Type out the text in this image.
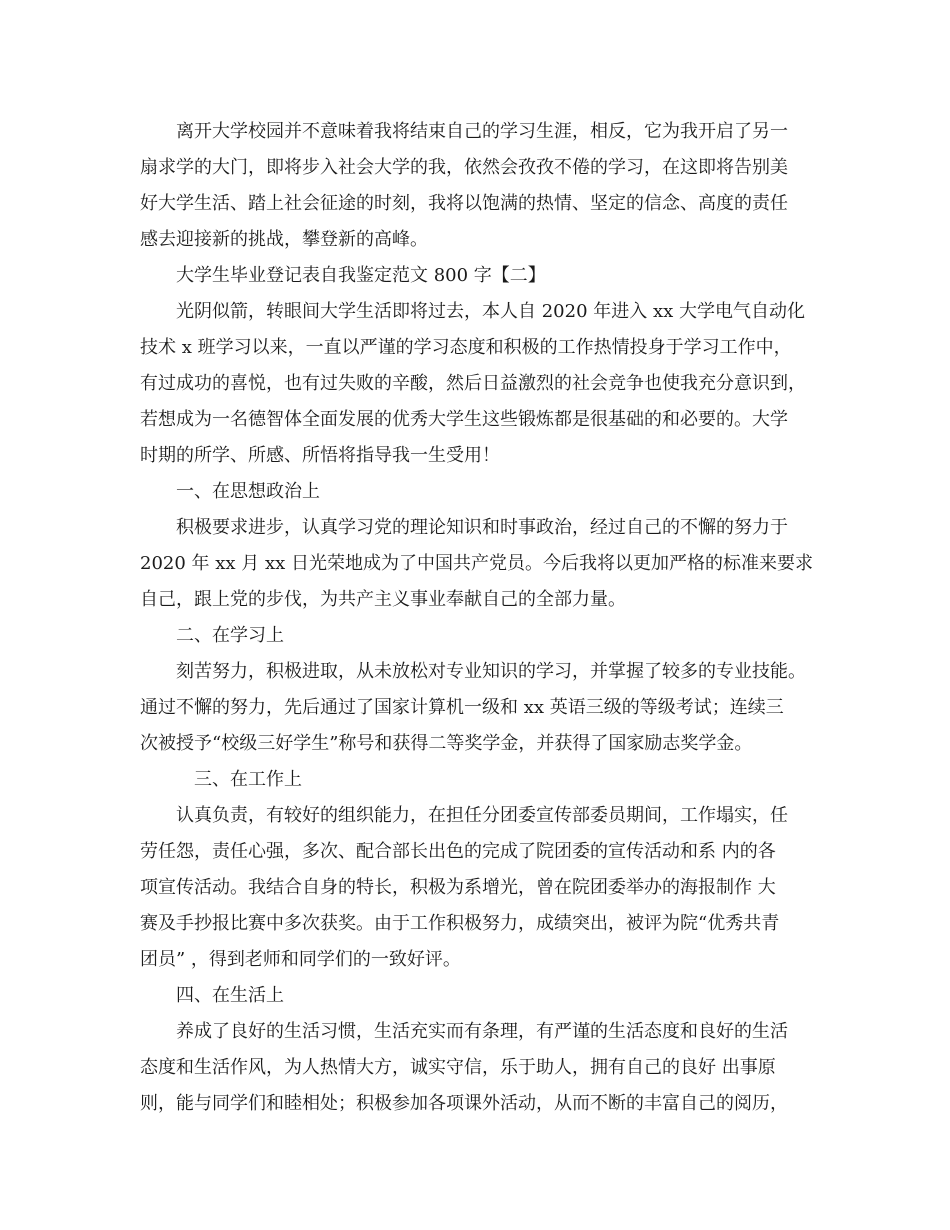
离开大学校园并不意味着我将结束自己的学习生涯，相反，它为我开启了另一
扇求学的大门，即将步入社会大学的我，依然会孜孜不倦的学习，在这即将告别美
好大学生活、踏上社会征途的时刻，我将以饱满的热情、坚定的信念、高度的责任
感去迎接新的挑战，攀登新的高峰。
大学生毕业登记表自我鉴定范文 800 字【二】
光阴似箭，转眼间大学生活即将过去，本人自 2020 年进入 xx 大学电气自动化
技术 x 班学习以来，一直以严谨的学习态度和积极的工作热情投身于学习工作中，
有过成功的喜悦，也有过失败的辛酸，然后日益激烈的社会竞争也使我充分意识到，
若想成为一名德智体全面发展的优秀大学生这些锻炼都是很基础的和必要的。大学
时期的所学、所感、所悟将指导我一生受用！
一、在思想政治上
积极要求进步，认真学习党的理论知识和时事政治，经过自己的不懈的努力于
2020 年 xx 月 xx 日光荣地成为了中国共产党员。今后我将以更加严格的标准来要求
自己，跟上党的步伐，为共产主义事业奉献自己的全部力量。
二、在学习上
刻苦努力，积极进取，从未放松对专业知识的学习，并掌握了较多的专业技能。
通过不懈的努力，先后通过了国家计算机一级和 xx 英语三级的等级考试；连续三
次被授予“校级三好学生”称号和获得二等奖学金，并获得了国家励志奖学金。
三、在工作上
认真负责，有较好的组织能力，在担任分团委宣传部委员期间，工作塌实，任
劳任怨，责任心强，多次、配合部长出色的完成了院团委的宣传活动和系 内的各
项宣传活动。我结合自身的特长，积极为系增光，曾在院团委举办的海报制作 大
赛及手抄报比赛中多次获奖。由于工作积极努力，成绩突出，被评为院“优秀共青
团员” ，得到老师和同学们的一致好评。
四、在生活上
养成了良好的生活习惯，生活充实而有条理，有严谨的生活态度和良好的生活
态度和生活作风，为人热情大方，诚实守信，乐于助人，拥有自己的良好 出事原
则，能与同学们和睦相处；积极参加各项课外活动，从而不断的丰富自己的阅历，
